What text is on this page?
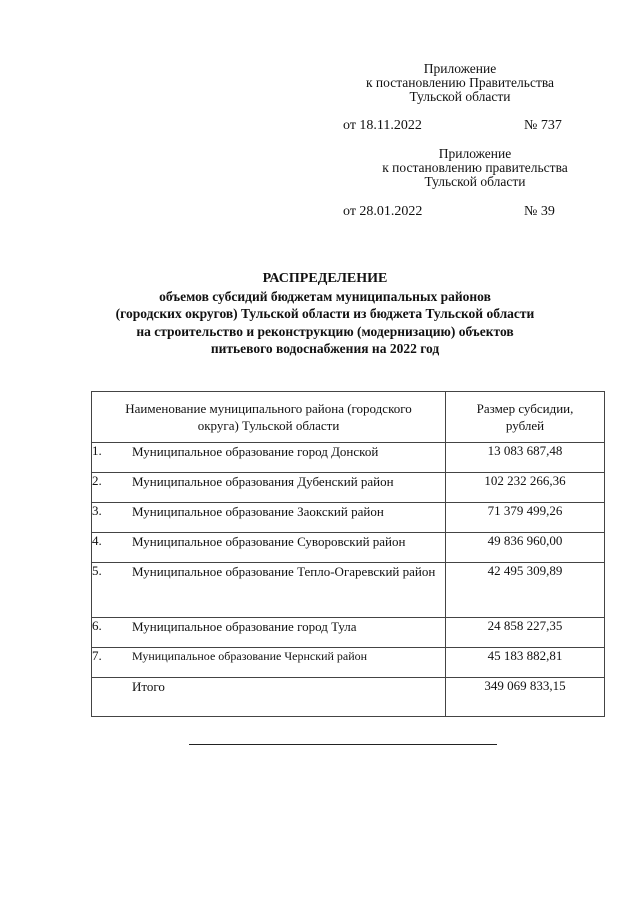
Приложение
к постановлению Правительства
Тульской области
от 18.11.2022	№ 737
Приложение
к постановлению правительства
Тульской области
от 28.01.2022	№ 39
РАСПРЕДЕЛЕНИЕ
объемов субсидий бюджетам муниципальных районов
(городских округов) Тульской области из бюджета Тульской области
на строительство и реконструкцию (модернизацию) объектов
питьевого водоснабжения на 2022 год
Наименование муниципального района (городского округа) Тульской области		Размер субсидии, рублей

1.	Муниципальное образование город Донской	13 083 687,48
2.	Муниципальное образования Дубенский район	102 232 266,36
3.	Муниципальное образование Заокский район	71 379 499,26
4.	Муниципальное образование Суворовский район	49 836 960,00
5.	Муниципальное образование Тепло-Огаревский район	42 495 309,89
6.	Муниципальное образование город Тула	24 858 227,35
7.	Муниципальное образование Чернский район	45 183 882,81
	Итого	349 069 833,15
